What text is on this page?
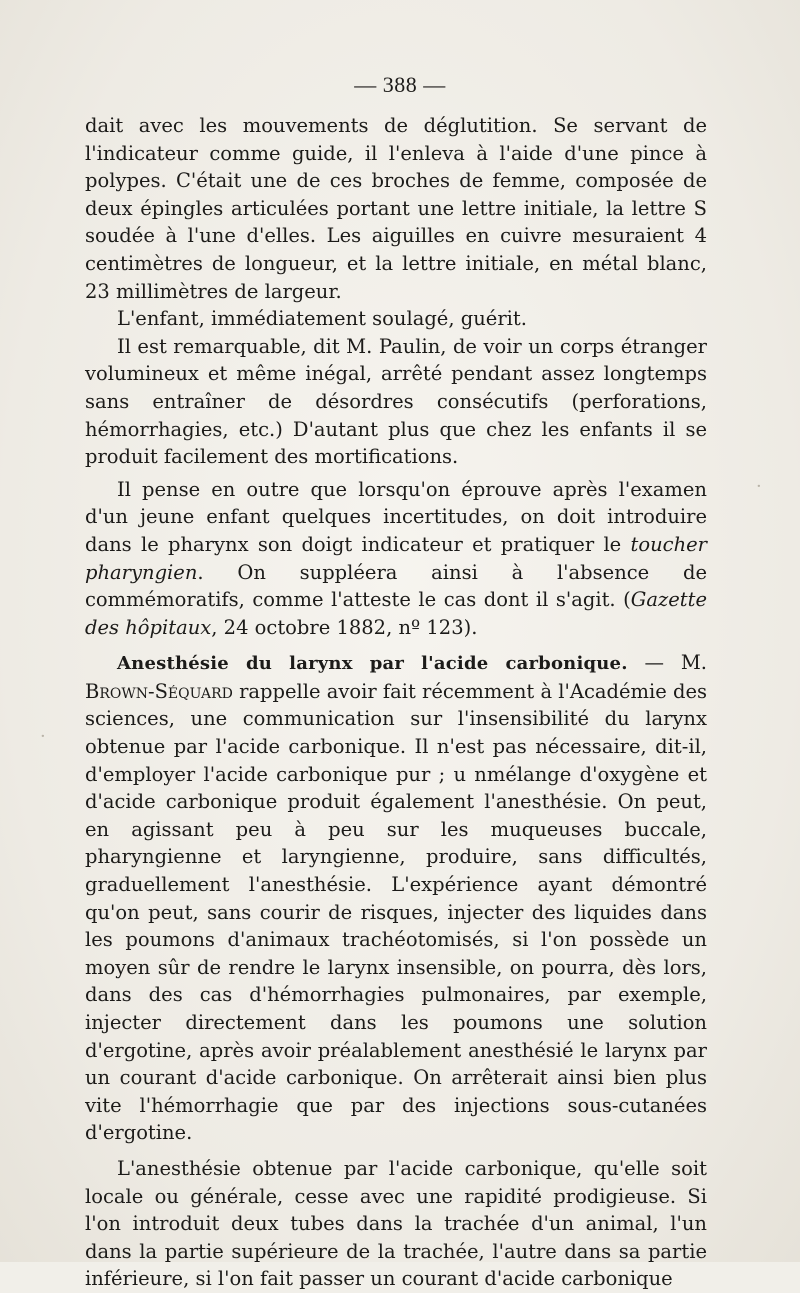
— 388 —

dait avec les mouvements de déglutition. Se servant de l'indicateur comme guide, il l'enleva à l'aide d'une pince à polypes. C'était une de ces broches de femme, composée de deux épingles articulées portant une lettre initiale, la lettre S soudée à l'une d'elles. Les aiguilles en cuivre mesuraient 4 centimètres de longueur, et la lettre initiale, en métal blanc, 23 millimètres de largeur.

L'enfant, immédiatement soulagé, guérit.

Il est remarquable, dit M. Paulin, de voir un corps étranger volumineux et même inégal, arrêté pendant assez longtemps sans entraîner de désordres consécutifs (perforations, hémorrhagies, etc.) D'autant plus que chez les enfants il se produit facilement des mortifications.

Il pense en outre que lorsqu'on éprouve après l'examen d'un jeune enfant quelques incertitudes, on doit introduire dans le pharynx son doigt indicateur et pratiquer le toucher pharyngien. On suppléera ainsi à l'absence de commémoratifs, comme l'atteste le cas dont il s'agit. (Gazette des hôpitaux, 24 octobre 1882, nº 123).

Anesthésie du larynx par l'acide carbonique. — M. Brown-Séquard rappelle avoir fait récemment à l'Académie des sciences, une communication sur l'insensibilité du larynx obtenue par l'acide carbonique. Il n'est pas nécessaire, dit-il, d'employer l'acide carbonique pur ; u nmélange d'oxygène et d'acide carbonique produit également l'anesthésie. On peut, en agissant peu à peu sur les muqueuses buccale, pharyngienne et laryngienne, produire, sans difficultés, graduellement l'anesthésie. L'expérience ayant démontré qu'on peut, sans courir de risques, injecter des liquides dans les poumons d'animaux trachéotomisés, si l'on possède un moyen sûr de rendre le larynx insensible, on pourra, dès lors, dans des cas d'hémorrhagies pulmonaires, par exemple, injecter directement dans les poumons une solution d'ergotine, après avoir préalablement anesthésié le larynx par un courant d'acide carbonique. On arrêterait ainsi bien plus vite l'hémorrhagie que par des injections sous-cutanées d'ergotine.

L'anesthésie obtenue par l'acide carbonique, qu'elle soit locale ou générale, cesse avec une rapidité prodigieuse. Si l'on introduit deux tubes dans la trachée d'un animal, l'un dans la partie supérieure de la trachée, l'autre dans sa partie inférieure, si l'on fait passer un courant d'acide carbonique

·
·
